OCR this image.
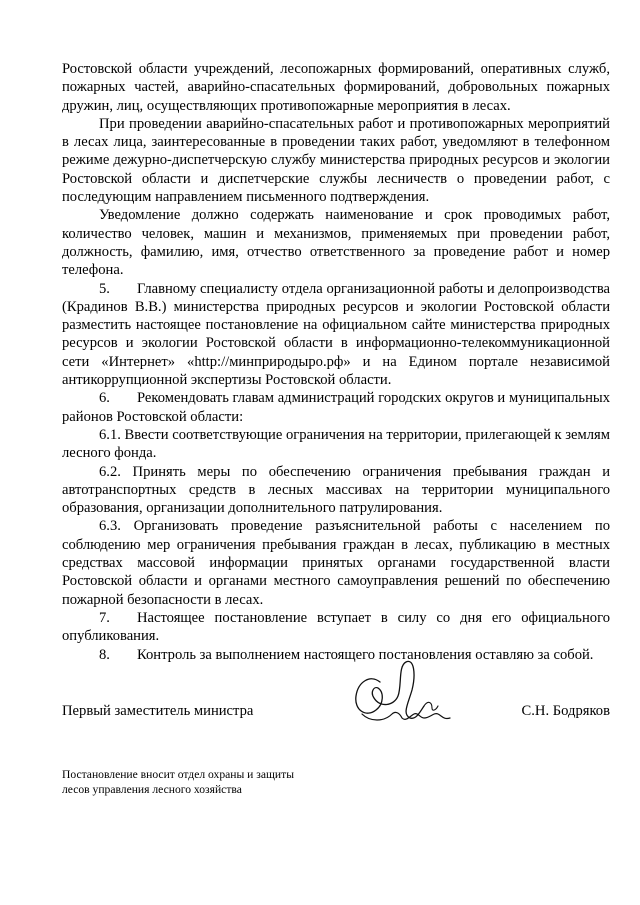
Ростовской области учреждений, лесопожарных формирований, оперативных служб, пожарных частей, аварийно-спасательных формирований, добровольных пожарных дружин, лиц, осуществляющих противопожарные мероприятия в лесах.

При проведении аварийно-спасательных работ и противопожарных мероприятий в лесах лица, заинтересованные в проведении таких работ, уведомляют в телефонном режиме дежурно-диспетчерскую службу министерства природных ресурсов и экологии Ростовской области и диспетчерские службы лесничеств о проведении работ, с последующим направлением письменного подтверждения.

Уведомление должно содержать наименование и срок проводимых работ, количество человек, машин и механизмов, применяемых при проведении работ, должность, фамилию, имя, отчество ответственного за проведение работ и номер телефона.

5. Главному специалисту отдела организационной работы и делопроизводства (Крадинов В.В.) министерства природных ресурсов и экологии Ростовской области разместить настоящее постановление на официальном сайте министерства природных ресурсов и экологии Ростовской области в информационно-телекоммуникационной сети «Интернет» «http://минприродыро.рф» и на Едином портале независимой антикоррупционной экспертизы Ростовской области.

6. Рекомендовать главам администраций городских округов и муниципальных районов Ростовской области:

6.1. Ввести соответствующие ограничения на территории, прилегающей к землям лесного фонда.

6.2. Принять меры по обеспечению ограничения пребывания граждан и автотранспортных средств в лесных массивах на территории муниципального образования, организации дополнительного патрулирования.

6.3. Организовать проведение разъяснительной работы с населением по соблюдению мер ограничения пребывания граждан в лесах, публикацию в местных средствах массовой информации принятых органами государственной власти Ростовской области и органами местного самоуправления решений по обеспечению пожарной безопасности в лесах.

7. Настоящее постановление вступает в силу со дня его официального опубликования.

8. Контроль за выполнением настоящего постановления оставляю за собой.

Первый заместитель министра	С.Н. Бодряков
Постановление вносит отдел охраны и защиты
лесов управления лесного хозяйства
